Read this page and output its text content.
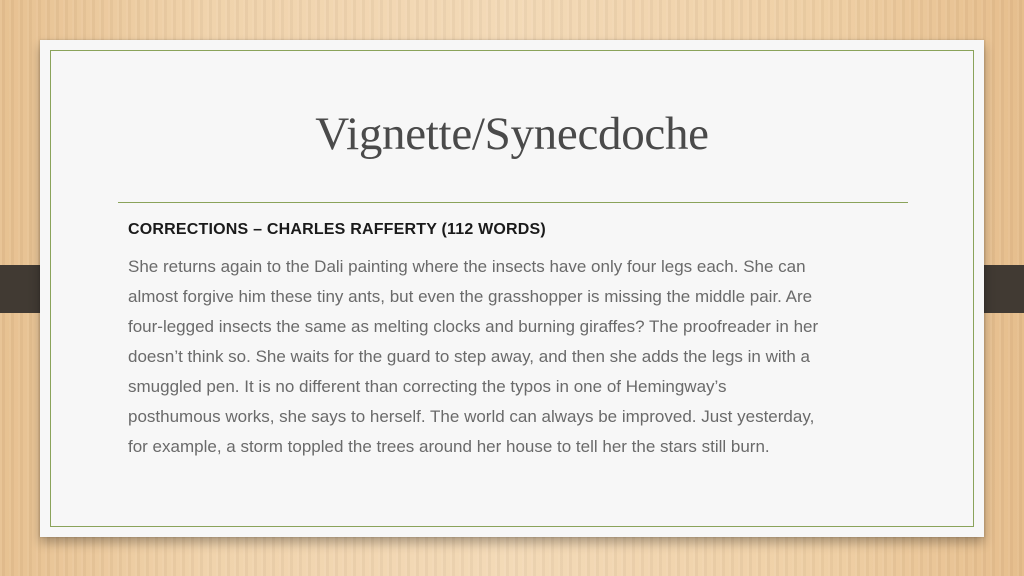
Vignette/Synecdoche
CORRECTIONS – CHARLES RAFFERTY (112 WORDS)
She returns again to the Dali painting where the insects have only four legs each. She can
almost forgive him these tiny ants, but even the grasshopper is missing the middle pair. Are
four-legged insects the same as melting clocks and burning giraffes? The proofreader in her
doesn’t think so. She waits for the guard to step away, and then she adds the legs in with a
smuggled pen. It is no different than correcting the typos in one of Hemingway’s
posthumous works, she says to herself. The world can always be improved. Just yesterday,
for example, a storm toppled the trees around her house to tell her the stars still burn.
